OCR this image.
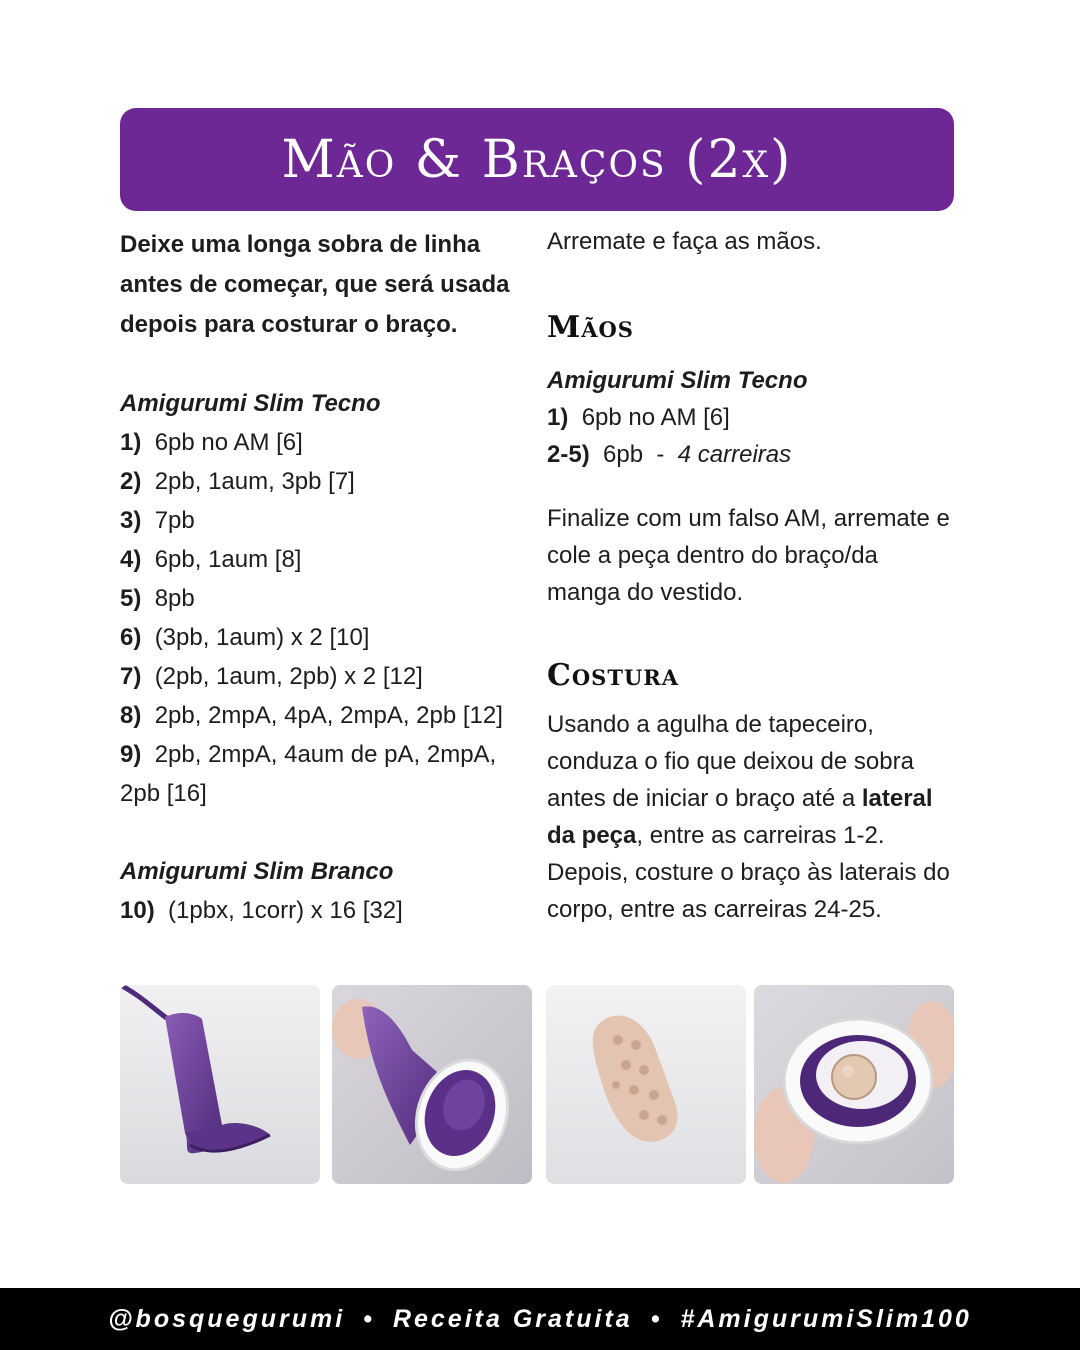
Mão & Braços (2x)

Deixe uma longa sobra de linha antes de começar, que será usada depois para costurar o braço.

Amigurumi Slim Tecno

1) 6pb no AM [6]

2) 2pb, 1aum, 3pb [7]

3) 7pb

4) 6pb, 1aum [8]

5) 8pb

6) (3pb, 1aum) x 2 [10]

7) (2pb, 1aum, 2pb) x 2 [12]

8) 2pb, 2mpA, 4pA, 2mpA, 2pb [12]

9) 2pb, 2mpA, 4aum de pA, 2mpA, 2pb [16]

Amigurumi Slim Branco

10) (1pbx, 1corr) x 16 [32]

Arremate e faça as mãos.

Mãos

Amigurumi Slim Tecno

1) 6pb no AM [6]

2-5) 6pb  -  4 carreiras

Finalize com um falso AM, arremate e cole a peça dentro do braço/da manga do vestido.

Costura

Usando a agulha de tapeceiro, conduza o fio que deixou de sobra antes de iniciar o braço até a lateral da peça, entre as carreiras 1-2. Depois, costure o braço às laterais do corpo, entre as carreiras 24-25.

@bosquegurumi • Receita Gratuita • #AmigurumiSlim100
